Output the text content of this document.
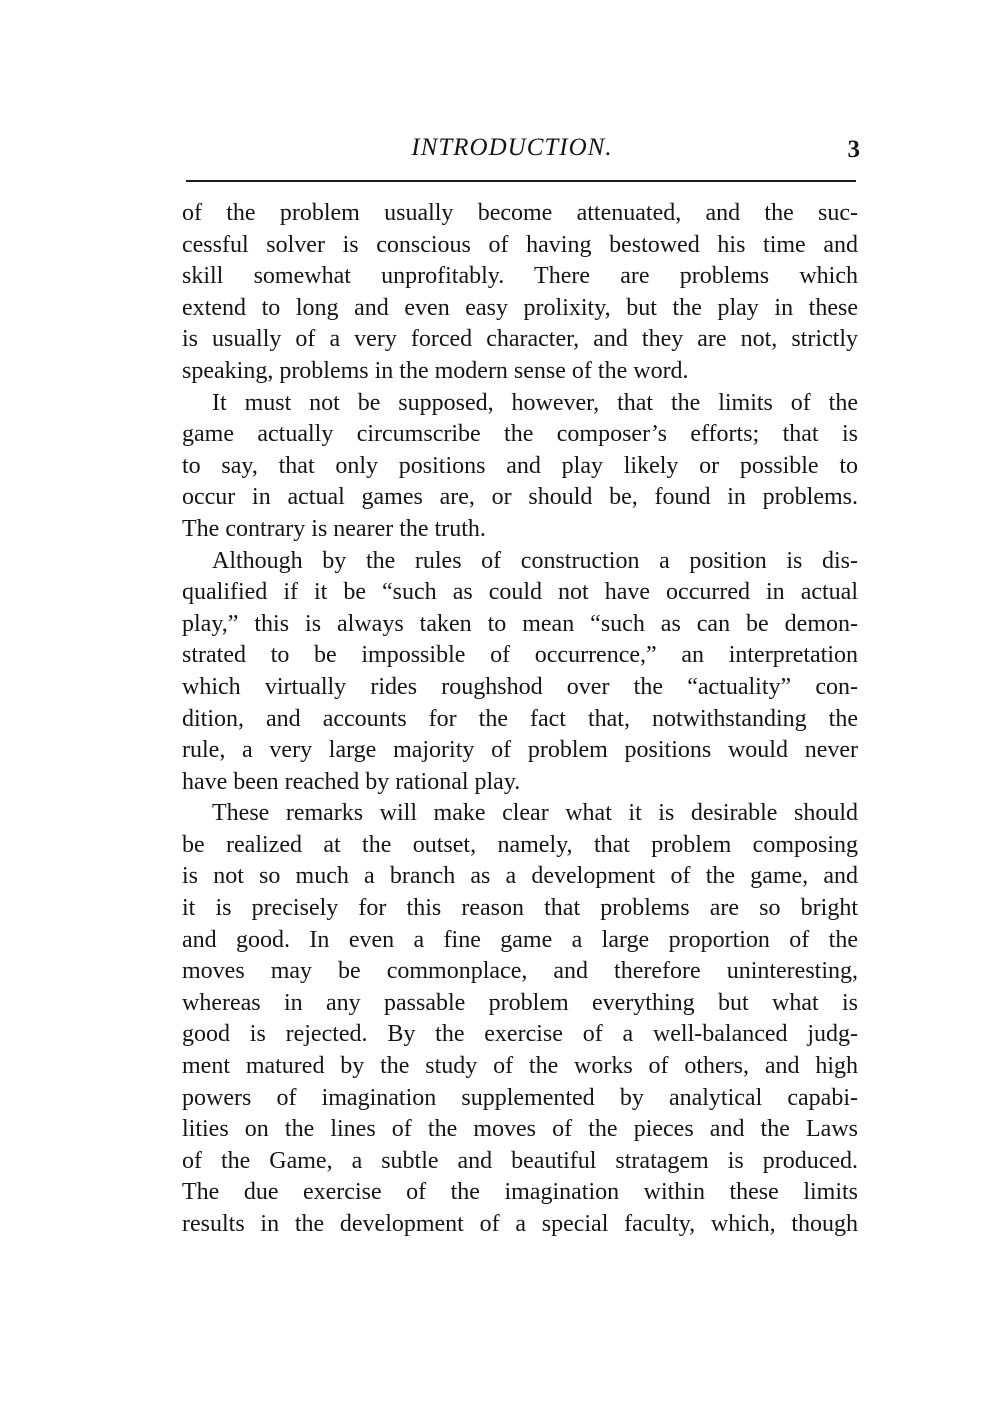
INTRODUCTION.	3
of the problem usually become attenuated, and the suc-
cessful solver is conscious of having bestowed his time and
skill somewhat unprofitably. There are problems which
extend to long and even easy prolixity, but the play in these
is usually of a very forced character, and they are not, strictly
speaking, problems in the modern sense of the word.
It must not be supposed, however, that the limits of the
game actually circumscribe the composer’s efforts; that is
to say, that only positions and play likely or possible to
occur in actual games are, or should be, found in problems.
The contrary is nearer the truth.
Although by the rules of construction a position is dis-
qualified if it be “such as could not have occurred in actual
play,” this is always taken to mean “such as can be demon-
strated to be impossible of occurrence,” an interpretation
which virtually rides roughshod over the “actuality” con-
dition, and accounts for the fact that, notwithstanding the
rule, a very large majority of problem positions would never
have been reached by rational play.
These remarks will make clear what it is desirable should
be realized at the outset, namely, that problem composing
is not so much a branch as a development of the game, and
it is precisely for this reason that problems are so bright
and good. In even a fine game a large proportion of the
moves may be commonplace, and therefore uninteresting,
whereas in any passable problem everything but what is
good is rejected. By the exercise of a well-balanced judg-
ment matured by the study of the works of others, and high
powers of imagination supplemented by analytical capabi-
lities on the lines of the moves of the pieces and the Laws
of the Game, a subtle and beautiful stratagem is produced.
The due exercise of the imagination within these limits
results in the development of a special faculty, which, though
